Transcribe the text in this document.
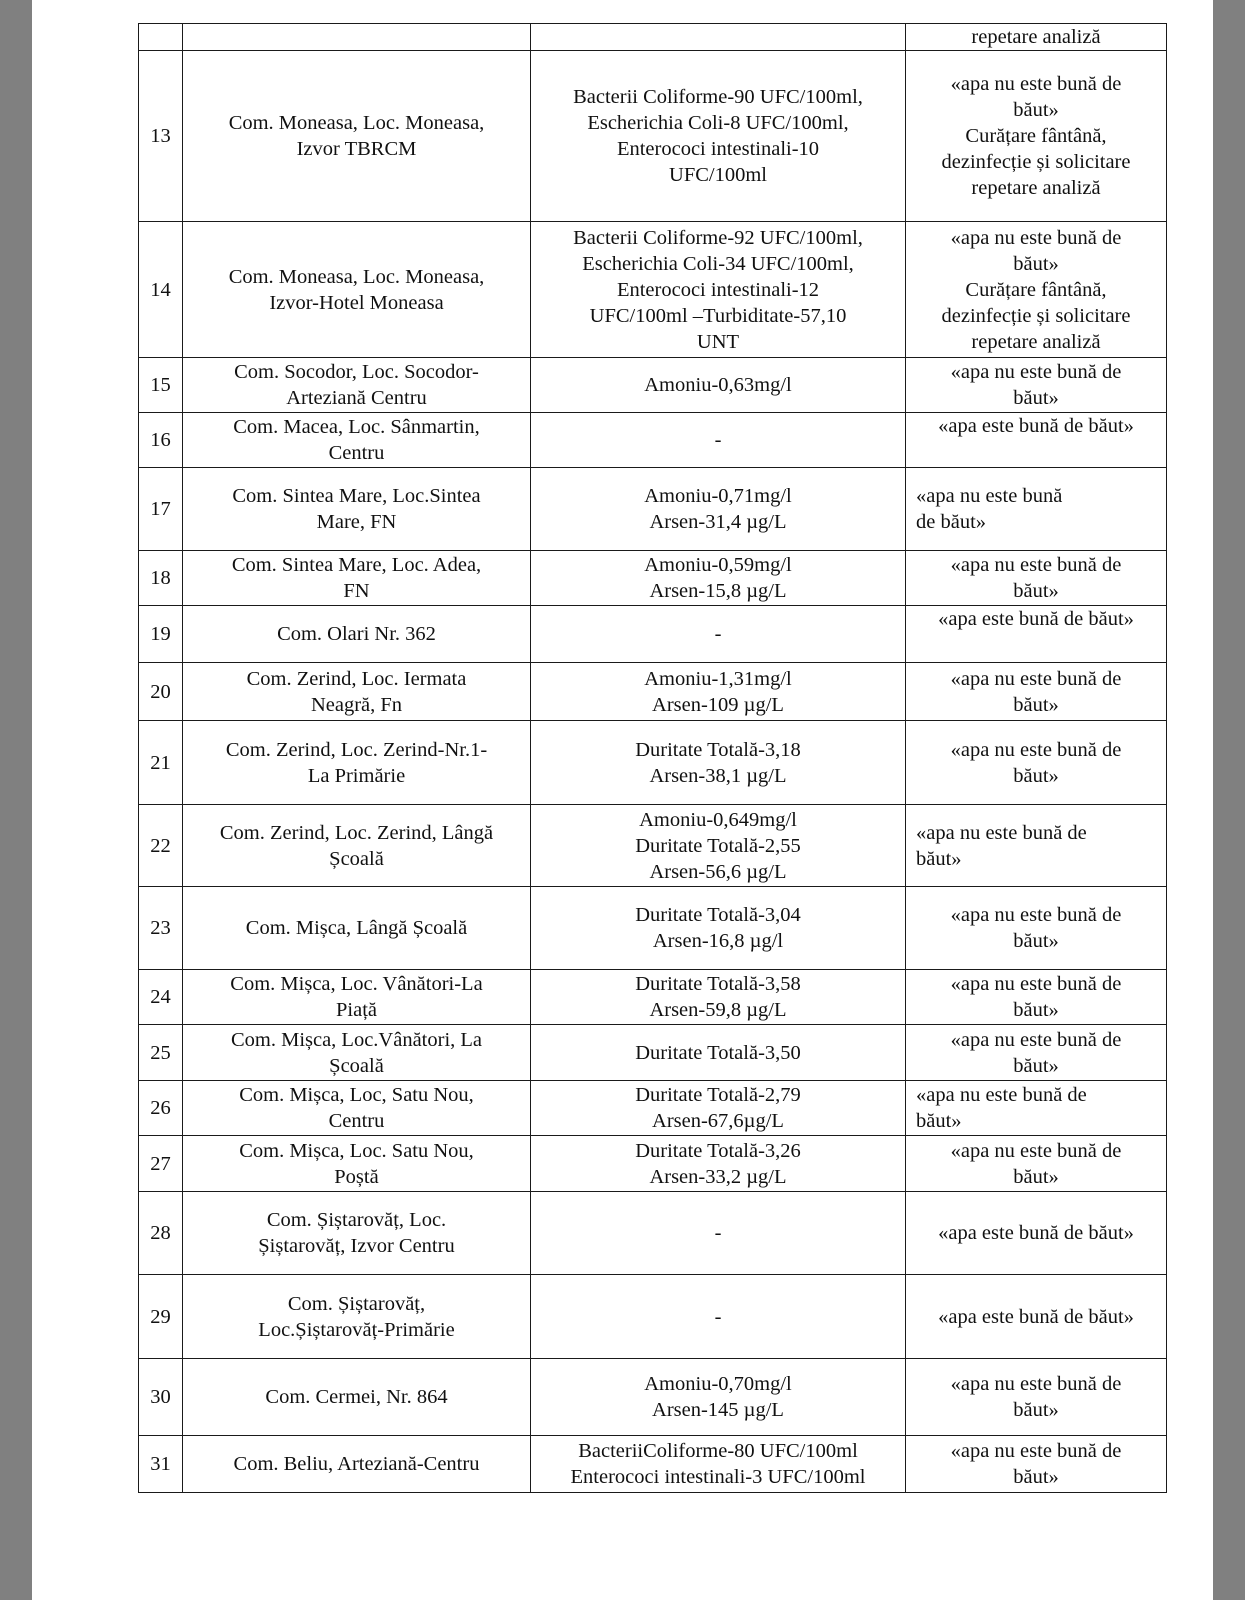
			repetare analiză

13	Com. Moneasa, Loc. Moneasa,
Izvor TBRCM	Bacterii Coliforme-90 UFC/100ml,
Escherichia Coli-8 UFC/100ml,
Enterococi intestinali-10
UFC/100ml	«apa nu este bună de
băut»
Curățare fântână,
dezinfecție și solicitare
repetare analiză

14	Com. Moneasa, Loc. Moneasa,
Izvor-Hotel Moneasa	Bacterii Coliforme-92 UFC/100ml,
Escherichia Coli-34 UFC/100ml,
Enterococi intestinali-12
UFC/100ml –Turbiditate-57,10
UNT	«apa nu este bună de
băut»
Curățare fântână,
dezinfecție și solicitare
repetare analiză

15	Com. Socodor, Loc. Socodor-
Arteziană Centru	Amoniu-0,63mg/l	«apa nu este bună de
băut»

16	Com. Macea, Loc. Sânmartin,
Centru	-	«apa este bună de băut»

17	Com. Sintea Mare, Loc.Sintea
Mare, FN	Amoniu-0,71mg/l
Arsen-31,4 µg/L	«apa nu este bună
de băut»

18	Com. Sintea Mare, Loc. Adea,
FN	Amoniu-0,59mg/l
Arsen-15,8 µg/L	«apa nu este bună de
băut»

19	Com. Olari Nr. 362	-	«apa este bună de băut»

20	Com. Zerind, Loc. Iermata
Neagră, Fn	Amoniu-1,31mg/l
Arsen-109 µg/L	«apa nu este bună de
băut»

21	Com. Zerind, Loc. Zerind-Nr.1-
La Primărie	Duritate Totală-3,18
Arsen-38,1 µg/L	«apa nu este bună de
băut»

22	Com. Zerind, Loc. Zerind, Lângă
Școală	Amoniu-0,649mg/l
Duritate Totală-2,55
Arsen-56,6 µg/L	«apa nu este bună de
băut»

23	Com. Mișca, Lângă Școală	Duritate Totală-3,04
Arsen-16,8 µg/l	«apa nu este bună de
băut»

24	Com. Mișca, Loc. Vânători-La
Piață	Duritate Totală-3,58
Arsen-59,8 µg/L	«apa nu este bună de
băut»

25	Com. Mișca, Loc.Vânători, La
Școală	Duritate Totală-3,50	«apa nu este bună de
băut»

26	Com. Mișca, Loc, Satu Nou,
Centru	Duritate Totală-2,79
Arsen-67,6µg/L	«apa nu este bună de
băut»

27	Com. Mișca, Loc. Satu Nou,
Poștă	Duritate Totală-3,26
Arsen-33,2 µg/L	«apa nu este bună de
băut»

28	Com. Șiștarovăț, Loc.
Șiștarovăț, Izvor Centru	-	«apa este bună de băut»

29	Com. Șiștarovăț,
Loc.Șiștarovăț-Primărie	-	«apa este bună de băut»

30	Com. Cermei, Nr. 864	Amoniu-0,70mg/l
Arsen-145 µg/L	«apa nu este bună de
băut»

31	Com. Beliu, Arteziană-Centru	BacteriiColiforme-80 UFC/100ml
Enterococi intestinali-3 UFC/100ml	«apa nu este bună de
băut»
